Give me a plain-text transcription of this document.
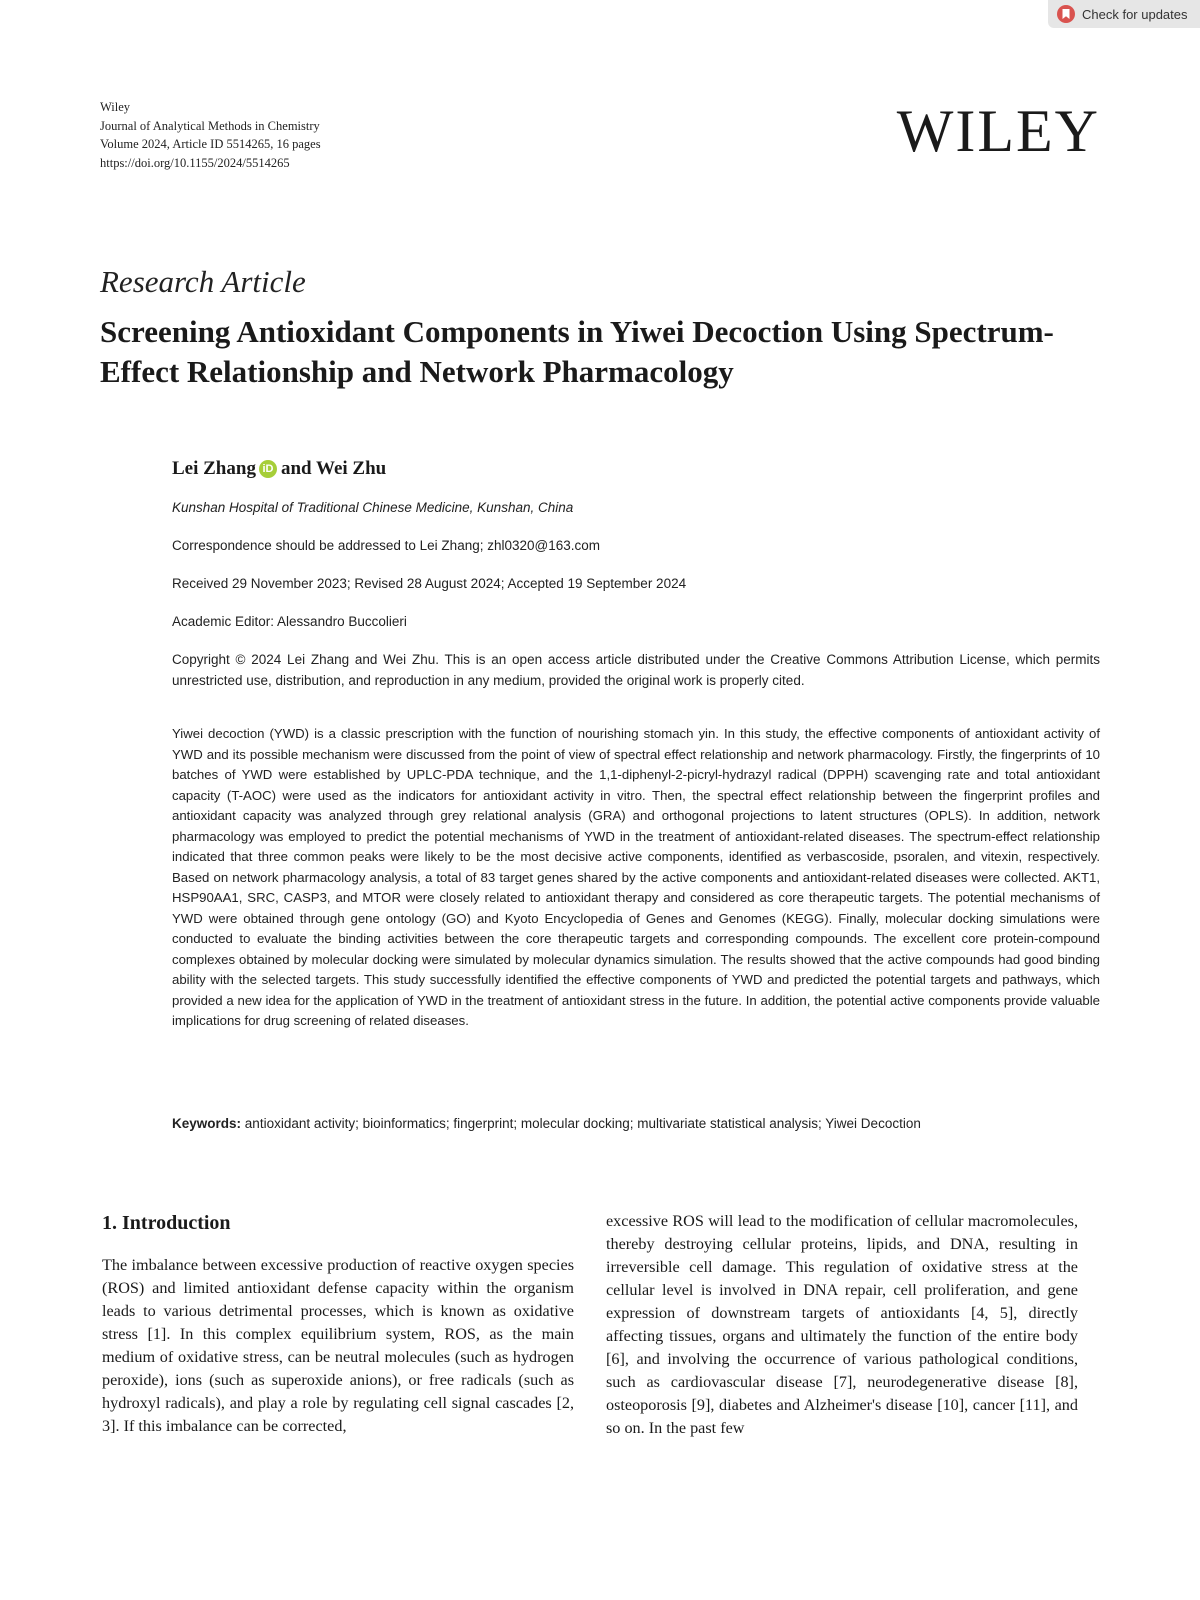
Check for updates
Wiley
Journal of Analytical Methods in Chemistry
Volume 2024, Article ID 5514265, 16 pages
https://doi.org/10.1155/2024/5514265	WILEY
Research Article
Screening Antioxidant Components in Yiwei Decoction Using Spectrum-Effect Relationship and Network Pharmacology
Lei Zhang iD and Wei Zhu
Kunshan Hospital of Traditional Chinese Medicine, Kunshan, China
Correspondence should be addressed to Lei Zhang; zhl0320@163.com
Received 29 November 2023; Revised 28 August 2024; Accepted 19 September 2024
Academic Editor: Alessandro Buccolieri
Copyright © 2024 Lei Zhang and Wei Zhu. This is an open access article distributed under the Creative Commons Attribution License, which permits unrestricted use, distribution, and reproduction in any medium, provided the original work is properly cited.
Yiwei decoction (YWD) is a classic prescription with the function of nourishing stomach yin. In this study, the effective components of antioxidant activity of YWD and its possible mechanism were discussed from the point of view of spectral effect relationship and network pharmacology. Firstly, the fingerprints of 10 batches of YWD were established by UPLC-PDA technique, and the 1,1-diphenyl-2-picryl-hydrazyl radical (DPPH) scavenging rate and total antioxidant capacity (T-AOC) were used as the indicators for antioxidant activity in vitro. Then, the spectral effect relationship between the fingerprint profiles and antioxidant capacity was analyzed through grey relational analysis (GRA) and orthogonal projections to latent structures (OPLS). In addition, network pharmacology was employed to predict the potential mechanisms of YWD in the treatment of antioxidant-related diseases. The spectrum-effect relationship indicated that three common peaks were likely to be the most decisive active components, identified as verbascoside, psoralen, and vitexin, respectively. Based on network pharmacology analysis, a total of 83 target genes shared by the active components and antioxidant-related diseases were collected. AKT1, HSP90AA1, SRC, CASP3, and MTOR were closely related to antioxidant therapy and considered as core therapeutic targets. The potential mechanisms of YWD were obtained through gene ontology (GO) and Kyoto Encyclopedia of Genes and Genomes (KEGG). Finally, molecular docking simulations were conducted to evaluate the binding activities between the core therapeutic targets and corresponding compounds. The excellent core protein-compound complexes obtained by molecular docking were simulated by molecular dynamics simulation. The results showed that the active compounds had good binding ability with the selected targets. This study successfully identified the effective components of YWD and predicted the potential targets and pathways, which provided a new idea for the application of YWD in the treatment of antioxidant stress in the future. In addition, the potential active components provide valuable implications for drug screening of related diseases.
Keywords: antioxidant activity; bioinformatics; fingerprint; molecular docking; multivariate statistical analysis; Yiwei Decoction
1. Introduction

The imbalance between excessive production of reactive oxygen species (ROS) and limited antioxidant defense capacity within the organism leads to various detrimental processes, which is known as oxidative stress [1]. In this complex equilibrium system, ROS, as the main medium of oxidative stress, can be neutral molecules (such as hydrogen peroxide), ions (such as superoxide anions), or free radicals (such as hydroxyl radicals), and play a role by regulating cell signal cascades [2, 3]. If this imbalance can be corrected,

excessive ROS will lead to the modification of cellular macromolecules, thereby destroying cellular proteins, lipids, and DNA, resulting in irreversible cell damage. This regulation of oxidative stress at the cellular level is involved in DNA repair, cell proliferation, and gene expression of downstream targets of antioxidants [4, 5], directly affecting tissues, organs and ultimately the function of the entire body [6], and involving the occurrence of various pathological conditions, such as cardiovascular disease [7], neurodegenerative disease [8], osteoporosis [9], diabetes and Alzheimer's disease [10], cancer [11], and so on. In the past few
